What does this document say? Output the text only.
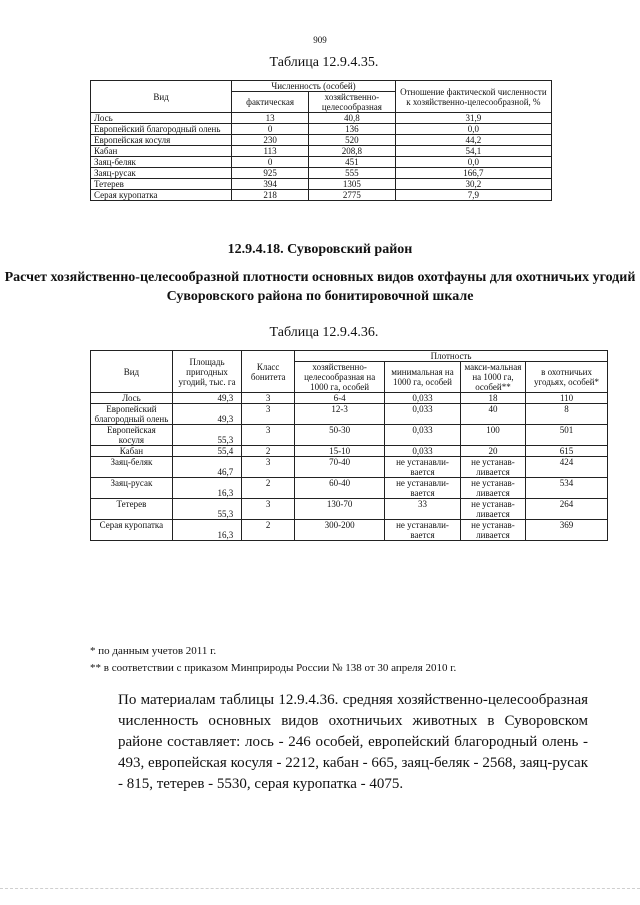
909
Таблица 12.9.4.35.
Вид	Численность (особей)		Отношение фактической численности к хозяйственно-целесообразной, %
	фактическая	хозяйственно-целесообразная	
Лось	13	40,8	31,9
Европейский благородный олень	0	136	0,0
Европейская косуля	230	520	44,2
Кабан	113	208,8	54,1
Заяц-беляк	0	451	0,0
Заяц-русак	925	555	166,7
Тетерев	394	1305	30,2
Серая куропатка	218	2775	7,9
12.9.4.18. Суворовский район
Расчет хозяйственно-целесообразной плотности основных видов охотфауны для охотничьих угодий Суворовского района по бонитировочной шкале
Таблица 12.9.4.36.
Вид	Площадь пригодных угодий, тыс. га	Класс бонитета	Плотность			
			хозяйственно-целесообразная на 1000 га, особей	минимальная на 1000 га, особей	макси-мальная на 1000 га, особей**	в охотничьих угодьях, особей*
Лось	49,3	3	6-4	0,033	18	110
Европейский благородный олень	49,3	3	12-3	0,033	40	8
Европейская косуля	55,3	3	50-30	0,033	100	501
Кабан	55,4	2	15-10	0,033	20	615
Заяц-беляк	46,7	3	70-40	не устанавли-вается	не устанав-ливается	424
Заяц-русак	16,3	2	60-40	не устанавли-вается	не устанав-ливается	534
Тетерев	55,3	3	130-70	33	не устанав-ливается	264
Серая куропатка	16,3	2	300-200	не устанавли-вается	не устанав-ливается	369
* по данным учетов 2011 г.
** в соответствии с приказом Минприроды России № 138 от 30 апреля 2010 г.
По материалам таблицы 12.9.4.36. средняя хозяйственно-целесообразная численность основных видов охотничьих животных в Суворовском районе составляет: лось - 246 особей, европейский благородный олень - 493, европейская косуля - 2212, кабан - 665, заяц-беляк - 2568, заяц-русак - 815, тетерев - 5530, серая куропатка - 4075.
